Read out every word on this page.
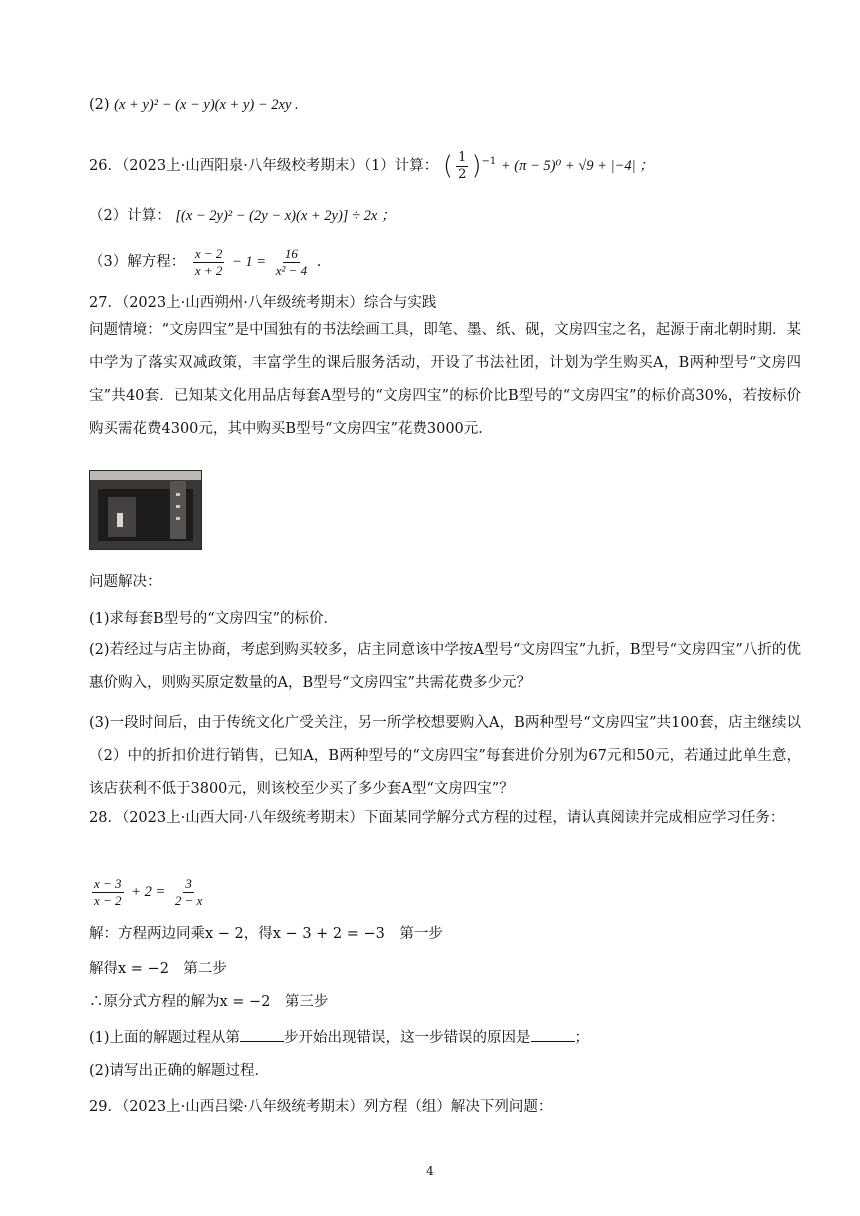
(2) (x + y)² − (x − y)(x + y) − 2xy .
26．（2023上·山西阳泉·八年级校考期末）（1）计算： ( $\frac{1}{2} )^{-1} + (\pi - 5)^0 + √9 + |-4|$ ；
（2）计算： [(x − 2y)² − (2y − x)(x + 2y)] ÷ 2x ；
（3）解方程： $\frac{x - 2}{x + 2} - 1 = \frac{16}{\text{x² − 4}}$ .
27．（2023上·山西朔州·八年级统考期末）综合与实践
问题情境：“文房四宝”是中国独有的书法绘画工具，即笔、墨、纸、砚，文房四宝之名，起源于南北朝时期．某中学为了落实双减政策，丰富学生的课后服务活动，开设了书法社团，计划为学生购买A，B两种型号“文房四宝”共40套．已知某文化用品店每套A型号的“文房四宝”的标价比B型号的“文房四宝”的标价高30%，若按标价购买需花费4300元，其中购买B型号“文房四宝”花费3000元．
问题解决：
(1)求每套B型号的“文房四宝”的标价．
(2)若经过与店主协商，考虑到购买较多，店主同意该中学按A型号“文房四宝”九折，B型号“文房四宝”八折的优惠价购入，则购买原定数量的A，B型号“文房四宝”共需花费多少元？
(3)一段时间后，由于传统文化广受关注，另一所学校想要购入A，B两种型号“文房四宝”共100套，店主继续以（2）中的折扣价进行销售，已知A，B两种型号的“文房四宝”每套进价分别为67元和50元，若通过此单生意，该店获利不低于3800元，则该校至少买了多少套A型“文房四宝”？
28．（2023上·山西大同·八年级统考期末）下面某同学解分式方程的过程，请认真阅读并完成相应学习任务：
$\frac{x - 3}{x - 2} + 2 = \frac{3}{2 - x}$
解：方程两边同乘x − 2，得x − 3 + 2 = −3　第一步
解得x = −2　第二步
∴原分式方程的解为x = −2　第三步
(1)上面的解题过程从第	步开始出现错误，这一步错误的原因是	；
(2)请写出正确的解题过程．
29．（2023上·山西吕梁·八年级统考期末）列方程（组）解决下列问题：
4
